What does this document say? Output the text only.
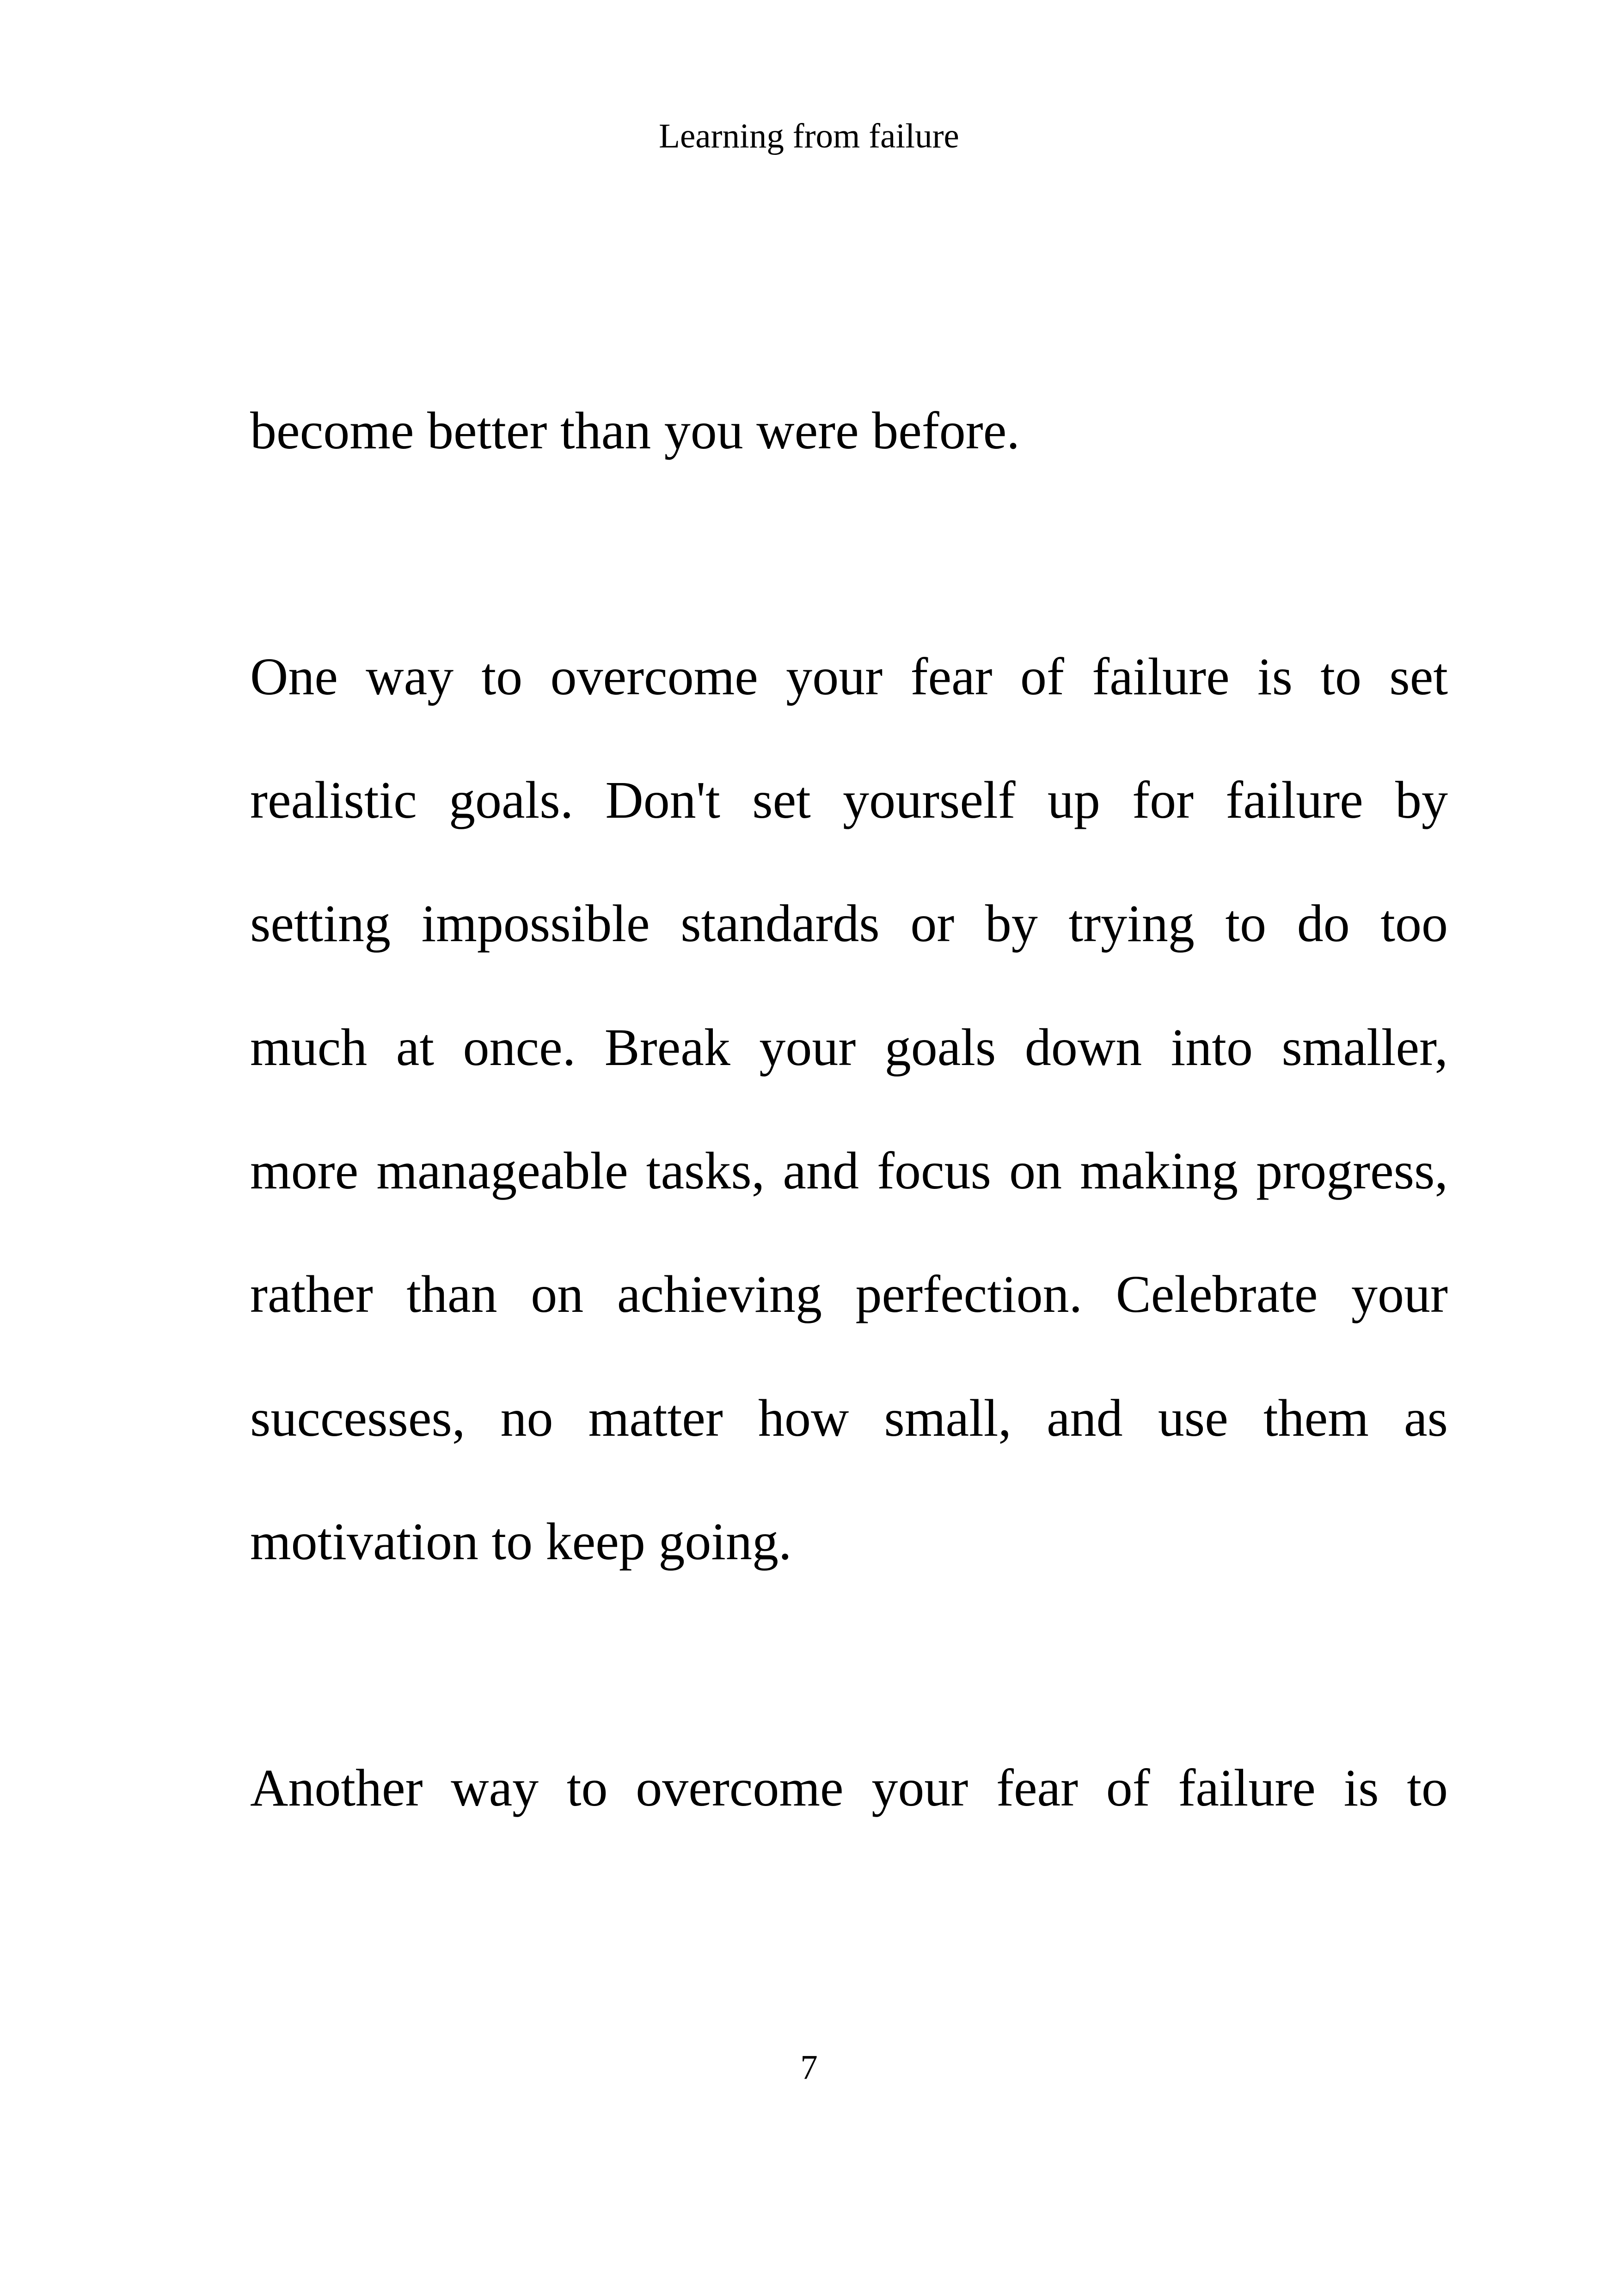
Learning from failure
become better than you were before.
One way to overcome your fear of failure is to set
realistic goals. Don't set yourself up for failure by
setting impossible standards or by trying to do too
much at once. Break your goals down into smaller,
more manageable tasks, and focus on making progress,
rather than on achieving perfection. Celebrate your
successes, no matter how small, and use them as
motivation to keep going.
Another way to overcome your fear of failure is to
7
